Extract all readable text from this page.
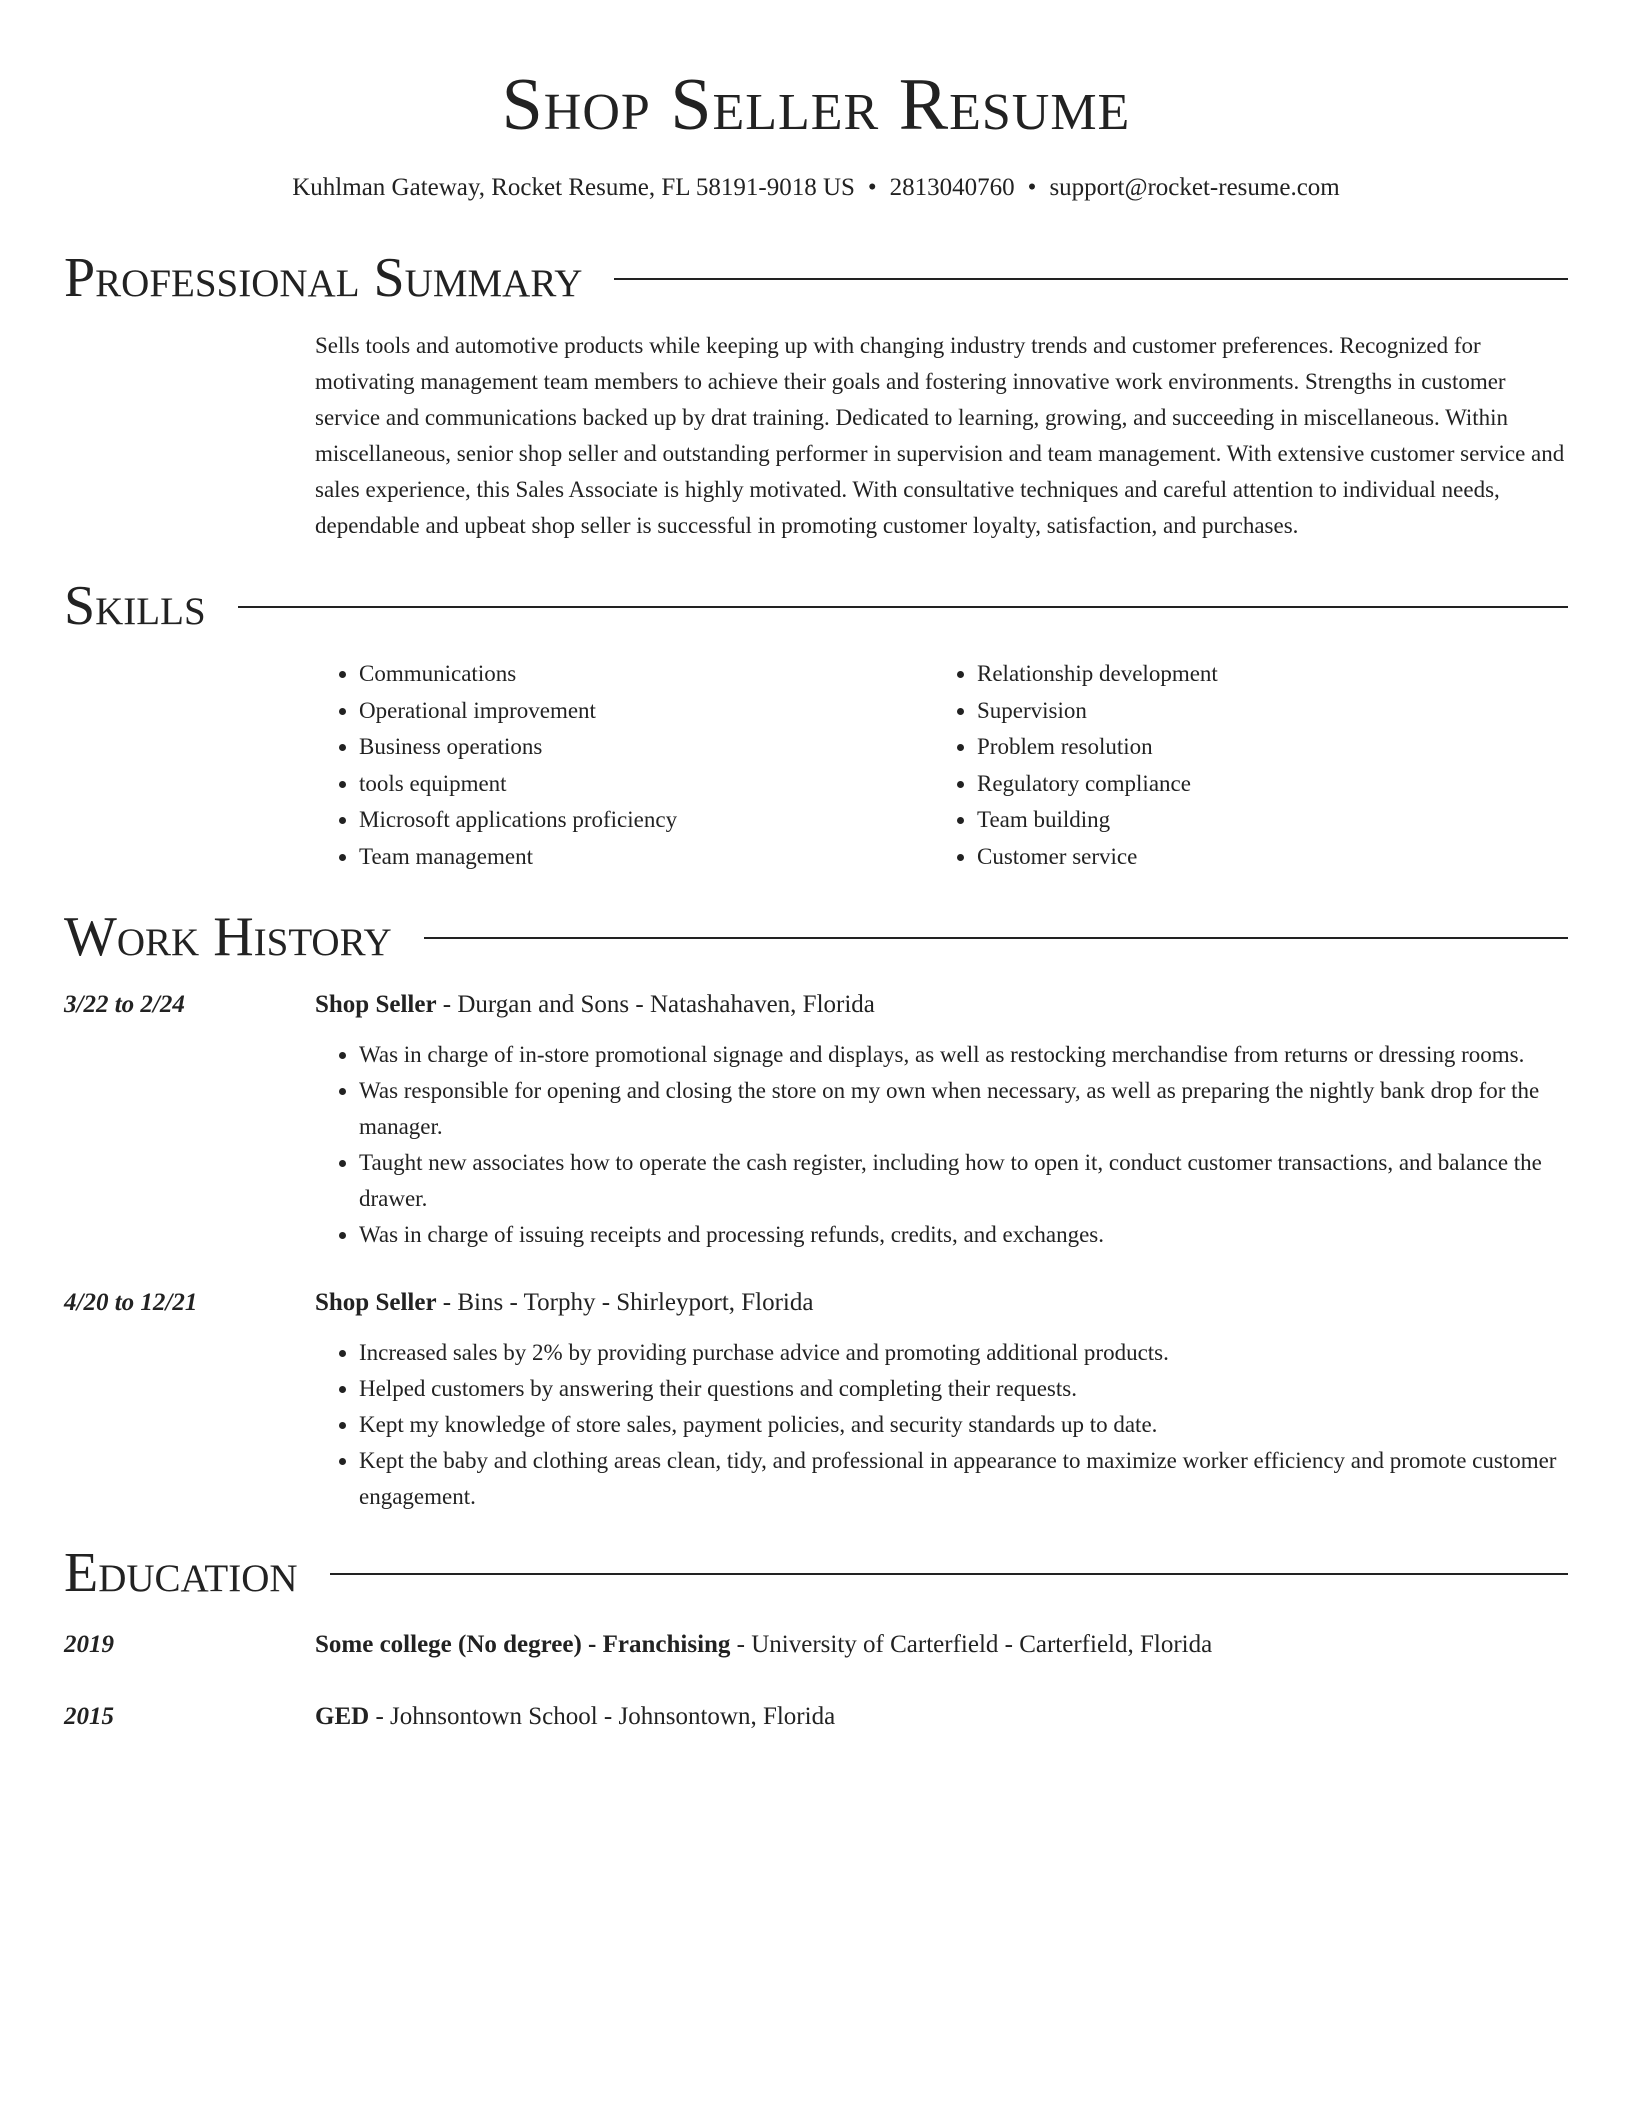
Shop Seller Resume
Kuhlman Gateway, Rocket Resume, FL 58191-9018 US • 2813040760 • support@rocket-resume.com
Professional Summary

Sells tools and automotive products while keeping up with changing industry trends and customer preferences. Recognized for motivating management team members to achieve their goals and fostering innovative work environments. Strengths in customer service and communications backed up by drat training. Dedicated to learning, growing, and succeeding in miscellaneous. Within miscellaneous, senior shop seller and outstanding performer in supervision and team management. With extensive customer service and sales experience, this Sales Associate is highly motivated. With consultative techniques and careful attention to individual needs, dependable and upbeat shop seller is successful in promoting customer loyalty, satisfaction, and purchases.

Skills
• Communications
• Operational improvement
• Business operations
• tools equipment
• Microsoft applications proficiency
• Team management
• Relationship development
• Supervision
• Problem resolution
• Regulatory compliance
• Team building
• Customer service
Work History
3/22 to 2/24	Shop Seller - Durgan and Sons - Natashahaven, Florida
• Was in charge of in-store promotional signage and displays, as well as restocking merchandise from returns or dressing rooms.
• Was responsible for opening and closing the store on my own when necessary, as well as preparing the nightly bank drop for the manager.
• Taught new associates how to operate the cash register, including how to open it, conduct customer transactions, and balance the drawer.
• Was in charge of issuing receipts and processing refunds, credits, and exchanges.
4/20 to 12/21	Shop Seller - Bins - Torphy - Shirleyport, Florida
• Increased sales by 2% by providing purchase advice and promoting additional products.
• Helped customers by answering their questions and completing their requests.
• Kept my knowledge of store sales, payment policies, and security standards up to date.
• Kept the baby and clothing areas clean, tidy, and professional in appearance to maximize worker efficiency and promote customer engagement.
Education
2019	Some college (No degree) - Franchising - University of Carterfield - Carterfield, Florida
2015	GED - Johnsontown School - Johnsontown, Florida
